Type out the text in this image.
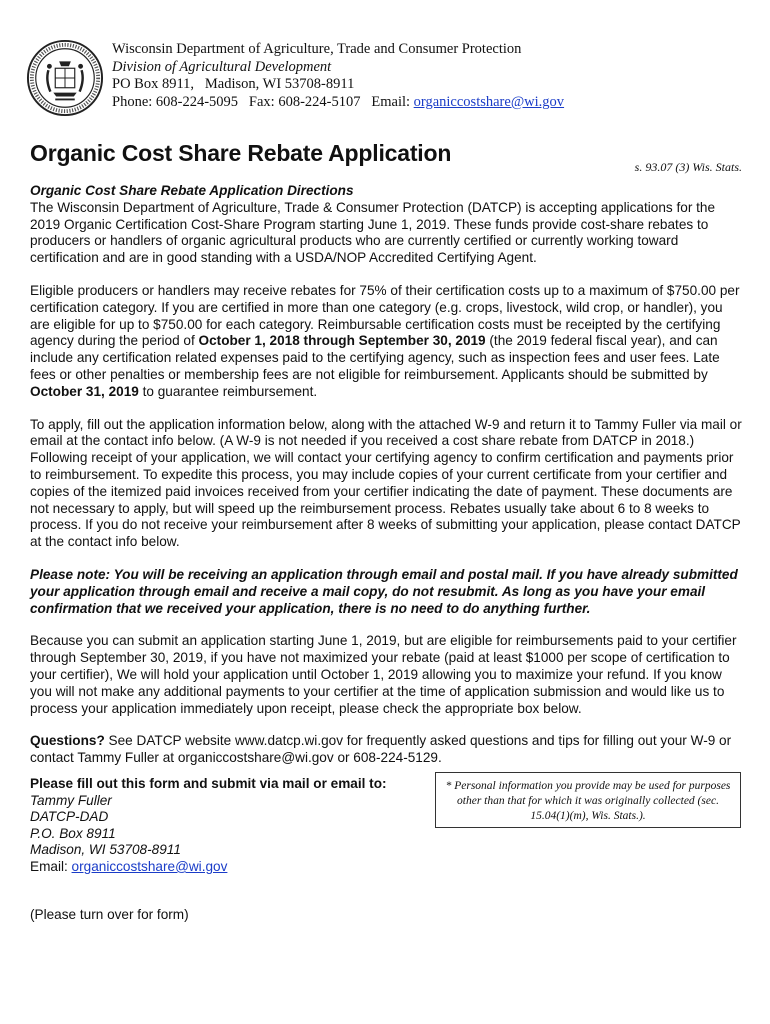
Wisconsin Department of Agriculture, Trade and Consumer Protection
Division of Agricultural Development
PO Box 8911,   Madison, WI 53708-8911
Phone: 608-224-5095   Fax: 608-224-5107   Email: organiccostshare@wi.gov
Organic Cost Share Rebate Application
s. 93.07 (3) Wis. Stats.

Organic Cost Share Rebate Application Directions

The Wisconsin Department of Agriculture, Trade & Consumer Protection (DATCP) is accepting applications for the 2019 Organic Certification Cost-Share Program starting June 1, 2019. These funds provide cost-share rebates to producers or handlers of organic agricultural products who are currently certified or currently working toward certification and are in good standing with a USDA/NOP Accredited Certifying Agent.

Eligible producers or handlers may receive rebates for 75% of their certification costs up to a maximum of $750.00 per certification category. If you are certified in more than one category (e.g. crops, livestock, wild crop, or handler), you are eligible for up to $750.00 for each category. Reimbursable certification costs must be receipted by the certifying agency during the period of October 1, 2018 through September 30, 2019 (the 2019 federal fiscal year), and can include any certification related expenses paid to the certifying agency, such as inspection fees and user fees. Late fees or other penalties or membership fees are not eligible for reimbursement. Applicants should be submitted by October 31, 2019 to guarantee reimbursement.

To apply, fill out the application information below, along with the attached W-9 and return it to Tammy Fuller via mail or email at the contact info below. (A W-9 is not needed if you received a cost share rebate from DATCP in 2018.) Following receipt of your application, we will contact your certifying agency to confirm certification and payments prior to reimbursement. To expedite this process, you may include copies of your current certificate from your certifier and copies of the itemized paid invoices received from your certifier indicating the date of payment. These documents are not necessary to apply, but will speed up the reimbursement process. Rebates usually take about 6 to 8 weeks to process. If you do not receive your reimbursement after 8 weeks of submitting your application, please contact DATCP at the contact info below.

Please note: You will be receiving an application through email and postal mail. If you have already submitted your application through email and receive a mail copy, do not resubmit. As long as you have your email confirmation that we received your application, there is no need to do anything further.

Because you can submit an application starting June 1, 2019, but are eligible for reimbursements paid to your certifier through September 30, 2019, if you have not maximized your rebate (paid at least $1000 per scope of certification to your certifier), We will hold your application until October 1, 2019 allowing you to maximize your refund. If you know you will not make any additional payments to your certifier at the time of application submission and would like us to process your application immediately upon receipt, please check the appropriate box below.

Questions? See DATCP website www.datcp.wi.gov for frequently asked questions and tips for filling out your W-9 or contact Tammy Fuller at organiccostshare@wi.gov or 608-224-5129.

Please fill out this form and submit via mail or email to:
Tammy Fuller
DATCP-DAD
P.O. Box 8911
Madison, WI 53708-8911
Email: organiccostshare@wi.gov
* Personal information you provide may be used for purposes other than that for which it was originally collected (sec. 15.04(1)(m), Wis. Stats.).
(Please turn over for form)
